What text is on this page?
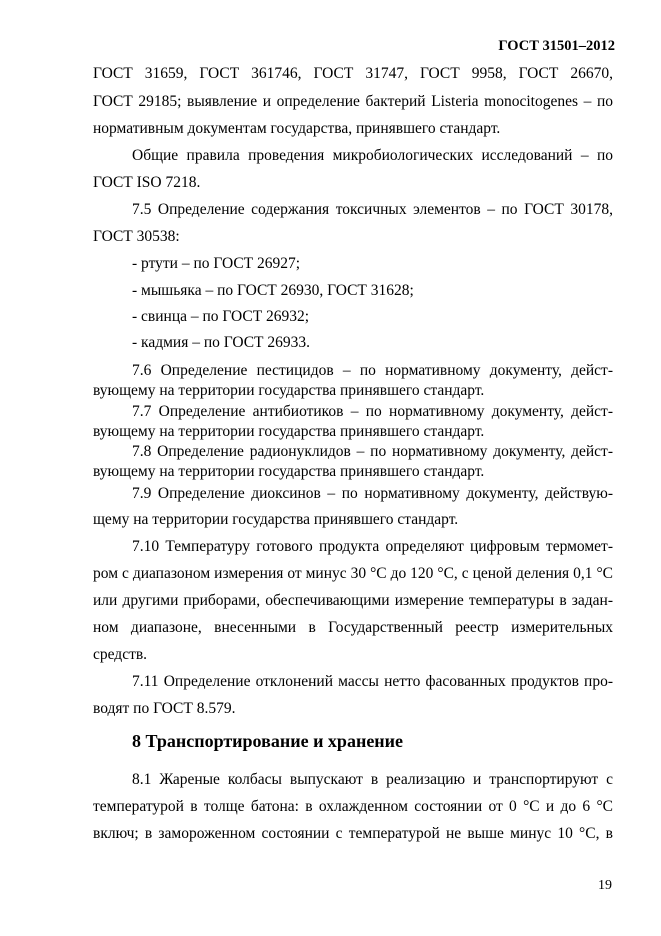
ГОСТ 31501–2012
ГОСТ 31659, ГОСТ 361746, ГОСТ 31747, ГОСТ 9958, ГОСТ 26670,
ГОСТ 29185; выявление и определение бактерий Listeria monocitogenes – по
нормативным документам государства, принявшего стандарт.
Общие правила проведения микробиологических исследований – по
ГОСТ ISO 7218.
7.5 Определение содержания токсичных элементов – по ГОСТ 30178,
ГОСТ 30538:
- ртути – по ГОСТ 26927;
- мышьяка – по ГОСТ 26930, ГОСТ 31628;
- свинца – по ГОСТ 26932;
- кадмия – по ГОСТ 26933.
7.6 Определение пестицидов – по нормативному документу, дейст-
вующему на территории государства принявшего стандарт.
7.7 Определение антибиотиков – по нормативному документу, дейст-
вующему на территории государства принявшего стандарт.
7.8 Определение радионуклидов – по нормативному документу, дейст-
вующему на территории государства принявшего стандарт.
7.9 Определение диоксинов – по нормативному документу, действую-
щему на территории государства принявшего стандарт.
7.10 Температуру готового продукта определяют цифровым термомет-
ром с диапазоном измерения от минус 30 °С до 120 °С, с ценой деления 0,1 °С
или другими приборами, обеспечивающими измерение температуры в задан-
ном диапазоне, внесенными в Государственный реестр измерительных
средств.
7.11 Определение отклонений массы нетто фасованных продуктов про-
водят по ГОСТ 8.579.
8 Транспортирование и хранение
8.1 Жареные колбасы выпускают в реализацию и транспортируют с
температурой в толще батона: в охлажденном состоянии от 0 °С и до 6 °С
включ; в замороженном состоянии с температурой не выше минус 10 °С, в
19
